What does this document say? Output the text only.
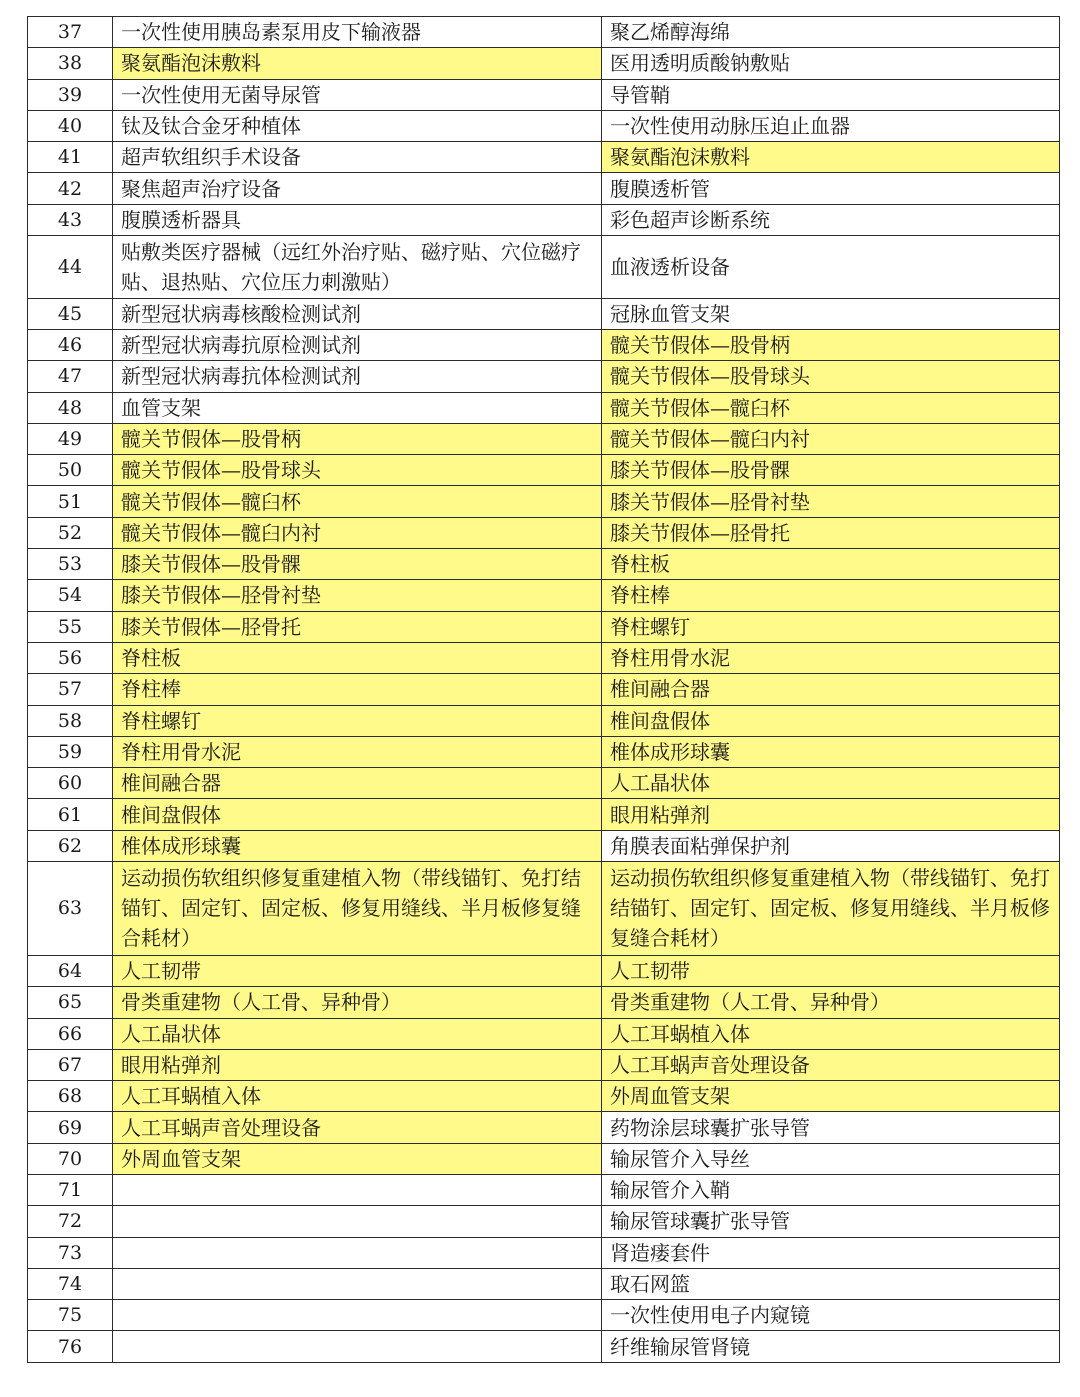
37	一次性使用胰岛素泵用皮下输液器	聚乙烯醇海绵

38	聚氨酯泡沫敷料	医用透明质酸钠敷贴

39	一次性使用无菌导尿管	导管鞘

40	钛及钛合金牙种植体	一次性使用动脉压迫止血器

41	超声软组织手术设备	聚氨酯泡沫敷料

42	聚焦超声治疗设备	腹膜透析管

43	腹膜透析器具	彩色超声诊断系统

44	贴敷类医疗器械（远红外治疗贴、磁疗贴、穴位磁疗贴、退热贴、穴位压力刺激贴）	血液透析设备

45	新型冠状病毒核酸检测试剂	冠脉血管支架

46	新型冠状病毒抗原检测试剂	髋关节假体—股骨柄

47	新型冠状病毒抗体检测试剂	髋关节假体—股骨球头

48	血管支架	髋关节假体—髋臼杯

49	髋关节假体—股骨柄	髋关节假体—髋臼内衬

50	髋关节假体—股骨球头	膝关节假体—股骨髁

51	髋关节假体—髋臼杯	膝关节假体—胫骨衬垫

52	髋关节假体—髋臼内衬	膝关节假体—胫骨托

53	膝关节假体—股骨髁	脊柱板

54	膝关节假体—胫骨衬垫	脊柱棒

55	膝关节假体—胫骨托	脊柱螺钉

56	脊柱板	脊柱用骨水泥

57	脊柱棒	椎间融合器

58	脊柱螺钉	椎间盘假体

59	脊柱用骨水泥	椎体成形球囊

60	椎间融合器	人工晶状体

61	椎间盘假体	眼用粘弹剂

62	椎体成形球囊	角膜表面粘弹保护剂

63	运动损伤软组织修复重建植入物（带线锚钉、免打结锚钉、固定钉、固定板、修复用缝线、半月板修复缝合耗材）	运动损伤软组织修复重建植入物（带线锚钉、免打结锚钉、固定钉、固定板、修复用缝线、半月板修复缝合耗材）

64	人工韧带	人工韧带

65	骨类重建物（人工骨、异种骨）	骨类重建物（人工骨、异种骨）

66	人工晶状体	人工耳蜗植入体

67	眼用粘弹剂	人工耳蜗声音处理设备

68	人工耳蜗植入体	外周血管支架

69	人工耳蜗声音处理设备	药物涂层球囊扩张导管

70	外周血管支架	输尿管介入导丝

71		输尿管介入鞘

72		输尿管球囊扩张导管

73		肾造瘘套件

74		取石网篮

75		一次性使用电子内窥镜

76		纤维输尿管肾镜
